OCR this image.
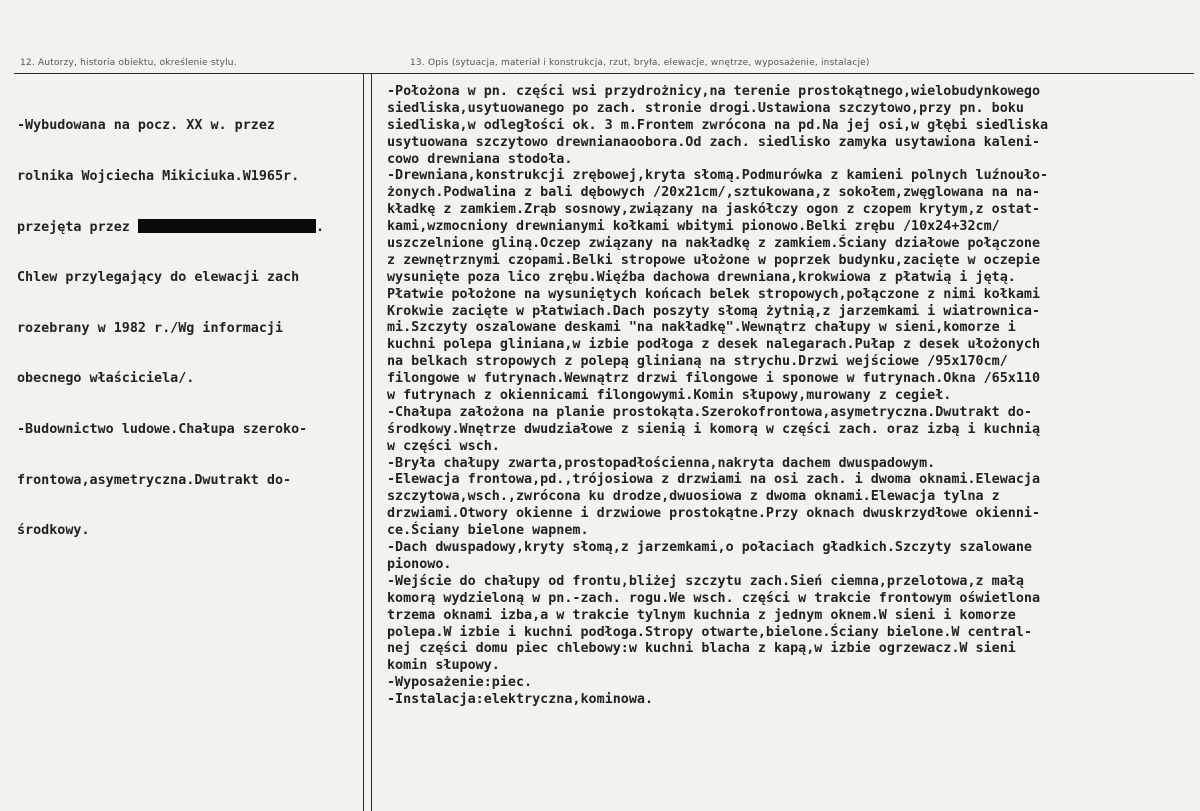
12. Autorzy, historia obiektu, określenie stylu.	13. Opis (sytuacja, materiał i konstrukcja, rzut, bryła, elewacje, wnętrze, wyposażenie, instalacje)

-Wybudowana na pocz. XX w. przez

rolnika Wojciecha Mikiciuka.W1965r.

przejęta przez	.

Chlew przylegający do elewacji zach

rozebrany w 1982 r./Wg informacji

obecnego właściciela/.

-Budownictwo ludowe.Chałupa szeroko-

frontowa,asymetryczna.Dwutrakt do-

środkowy.

-Położona w pn. części wsi przydrożnicy,na terenie prostokątnego,wielobudynkowego
siedliska,usytuowanego po zach. stronie drogi.Ustawiona szczytowo,przy pn. boku
siedliska,w odległości ok. 3 m.Frontem zwrócona na pd.Na jej osi,w głębi siedliska
usytuowana szczytowo drewnianaoobora.Od zach. siedlisko zamyka usytawiona kaleni-
cowo drewniana stodoła.
-Drewniana,konstrukcji zrębowej,kryta słomą.Podmurówka z kamieni polnych luźnouło-
żonych.Podwalina z bali dębowych /20x21cm/,sztukowana,z sokołem,zwęglowana na na-
kładkę z zamkiem.Zrąb sosnowy,związany na jaskółczy ogon z czopem krytym,z ostat-
kami,wzmocniony drewnianymi kołkami wbitymi pionowo.Belki zrębu /10x24+32cm/
uszczelnione gliną.Oczep związany na nakładkę z zamkiem.Ściany działowe połączone
z zewnętrznymi czopami.Belki stropowe ułożone w poprzek budynku,zacięte w oczepie
wysunięte poza lico zrębu.Więźba dachowa drewniana,krokwiowa z płatwią i jętą.
Płatwie położone na wysuniętych końcach belek stropowych,połączone z nimi kołkami
Krokwie zacięte w płatwiach.Dach poszyty słomą żytnią,z jarzemkami i wiatrownica-
mi.Szczyty oszalowane deskami "na nakładkę".Wewnątrz chałupy w sieni,komorze i
kuchni polepa gliniana,w izbie podłoga z desek nalegarach.Pułap z desek ułożonych
na belkach stropowych z polepą glinianą na strychu.Drzwi wejściowe /95x170cm/
filongowe w futrynach.Wewnątrz drzwi filongowe i sponowe w futrynach.Okna /65x110
w futrynach z okiennicami filongowymi.Komin słupowy,murowany z cegieł.
-Chałupa założona na planie prostokąta.Szerokofrontowa,asymetryczna.Dwutrakt do-
środkowy.Wnętrze dwudziałowe z sienią i komorą w części zach. oraz izbą i kuchnią
w części wsch.
-Bryła chałupy zwarta,prostopadłościenna,nakryta dachem dwuspadowym.
-Elewacja frontowa,pd.,trójosiowa z drzwiami na osi zach. i dwoma oknami.Elewacja
szczytowa,wsch.,zwrócona ku drodze,dwuosiowa z dwoma oknami.Elewacja tylna z
drzwiami.Otwory okienne i drzwiowe prostokątne.Przy oknach dwuskrzydłowe okienni-
ce.Ściany bielone wapnem.
-Dach dwuspadowy,kryty słomą,z jarzemkami,o połaciach gładkich.Szczyty szalowane
pionowo.
-Wejście do chałupy od frontu,bliżej szczytu zach.Sień ciemna,przelotowa,z małą
komorą wydzieloną w pn.-zach. rogu.We wsch. części w trakcie frontowym oświetlona
trzema oknami izba,a w trakcie tylnym kuchnia z jednym oknem.W sieni i komorze
polepa.W izbie i kuchni podłoga.Stropy otwarte,bielone.Ściany bielone.W central-
nej części domu piec chlebowy:w kuchni blacha z kapą,w izbie ogrzewacz.W sieni
komin słupowy.
-Wyposażenie:piec.
-Instalacja:elektryczna,kominowa.
